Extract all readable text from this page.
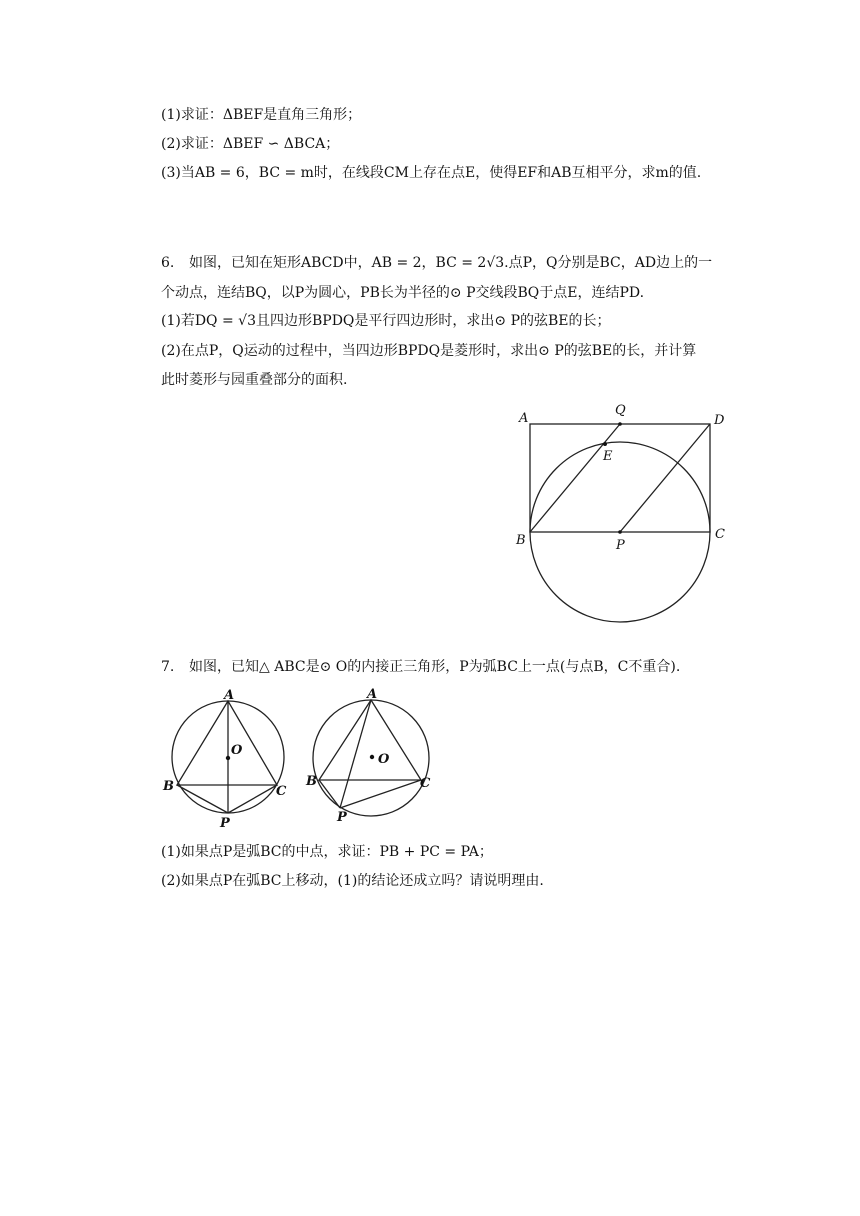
(1)求证：ΔBEF是直角三角形；
(2)求证：ΔBEF ∽ ΔBCA；
(3)当AB = 6，BC = m时，在线段CM上存在点E，使得EF和AB互相平分，求m的值.
6. 如图，已知在矩形ABCD中，AB = 2，BC = 2√3.点P，Q分别是BC，AD边上的一
个动点，连结BQ，以P为圆心，PB长为半径的⊙ P交线段BQ于点E，连结PD.
(1)若DQ = √3且四边形BPDQ是平行四边形时，求出⊙ P的弦BE的长；
(2)在点P，Q运动的过程中，当四边形BPDQ是菱形时，求出⊙ P的弦BE的长，并计算
此时菱形与园重叠部分的面积.
A
Q
D
E
B	P
C
7. 如图，已知△ ABC是⊙ O的内接正三角形，P为弧BC上一点(与点B，C不重合).
A
O
B	C
P
A
O
B	C
P
(1)如果点P是弧BC的中点，求证：PB + PC = PA；
(2)如果点P在弧BC上移动，(1)的结论还成立吗？请说明理由.
